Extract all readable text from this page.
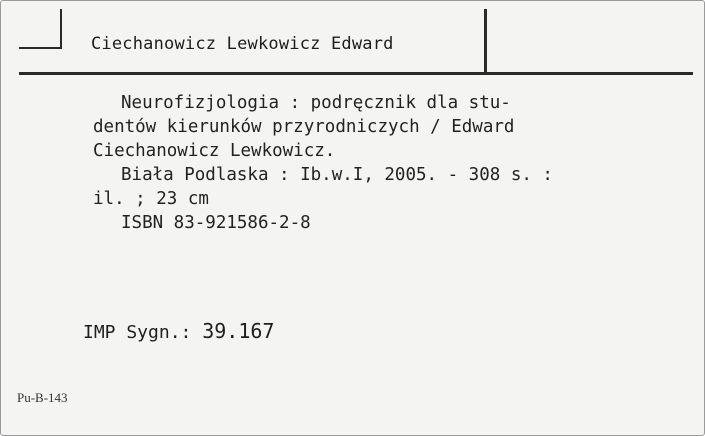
Ciechanowicz Lewkowicz Edward
Neurofizjologia : podręcznik dla stu-
dentów kierunków przyrodniczych / Edward
Ciechanowicz Lewkowicz.
Biała Podlaska : Ib.w.I, 2005. - 308 s. :
il. ; 23 cm
ISBN 83-921586-2-8
IMP Sygn.: 39.167
Pu-B-143
